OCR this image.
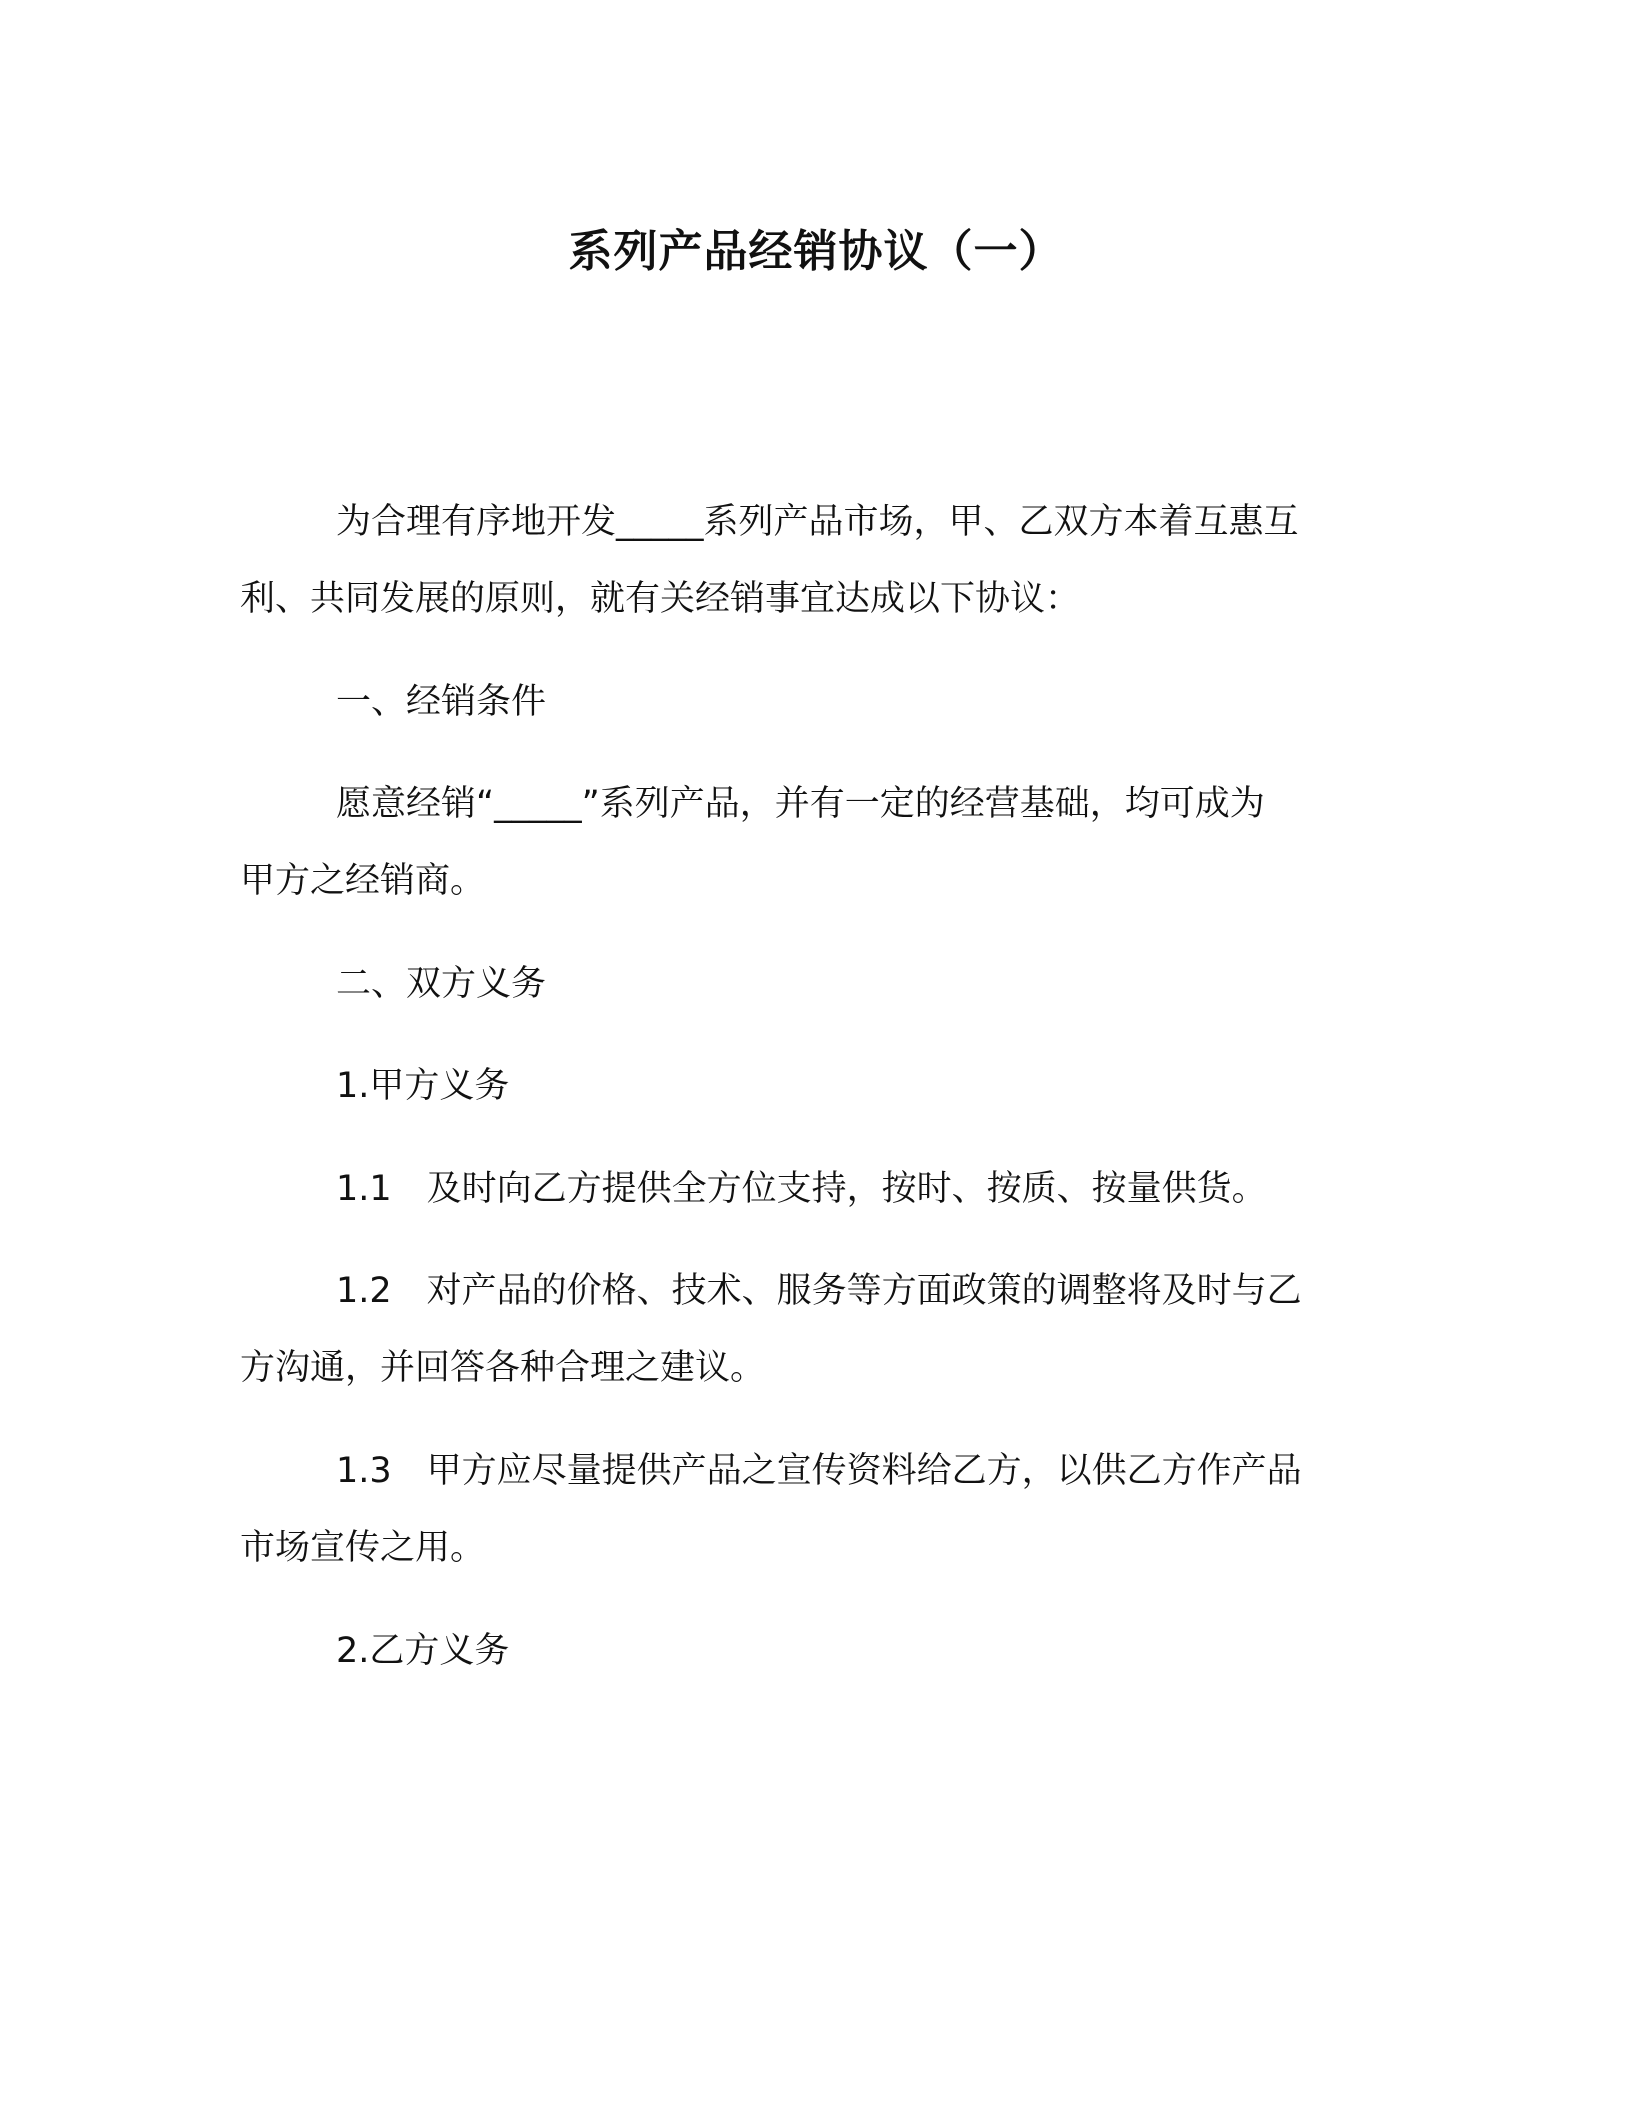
系列产品经销协议（一）
为合理有序地开发_____系列产品市场，甲、乙双方本着互惠互
利、共同发展的原则，就有关经销事宜达成以下协议：
一、经销条件
愿意经销“_____”系列产品，并有一定的经营基础，均可成为
甲方之经销商。
二、双方义务
1.甲方义务
1.1　及时向乙方提供全方位支持，按时、按质、按量供货。
1.2　对产品的价格、技术、服务等方面政策的调整将及时与乙
方沟通，并回答各种合理之建议。
1.3　甲方应尽量提供产品之宣传资料给乙方，以供乙方作产品
市场宣传之用。
2.乙方义务
